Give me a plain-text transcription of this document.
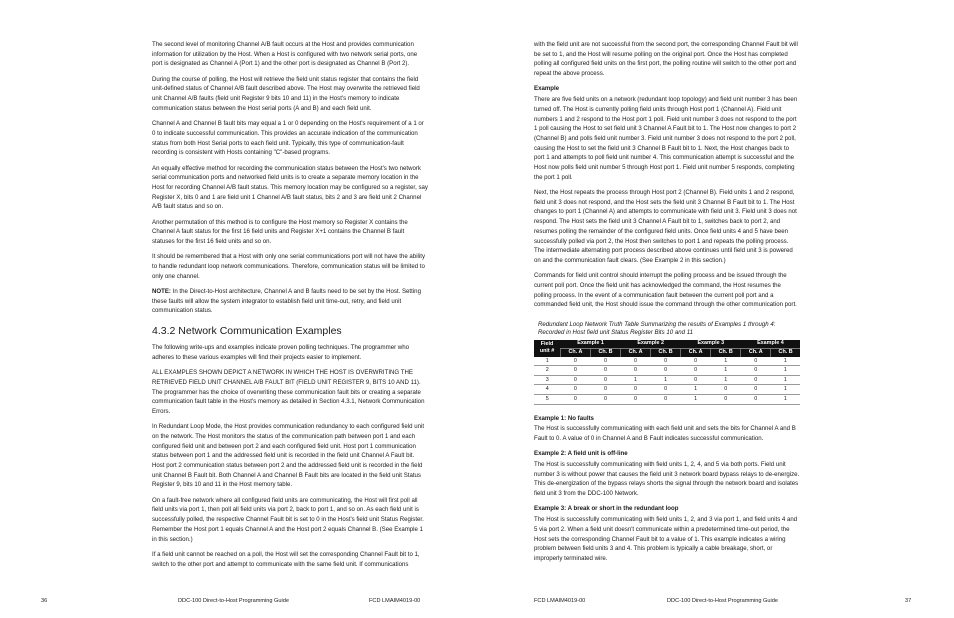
The second level of monitoring Channel A/B fault occurs at the Host and provides communication information for utilization by the Host. When a Host is configured with two network serial ports, one port is designated as Channel A (Port 1) and the other port is designated as Channel B (Port 2).

During the course of polling, the Host will retrieve the field unit status register that contains the field unit-defined status of Channel A/B fault described above. The Host may overwrite the retrieved field unit Channel A/B faults (field unit Register 9 bits 10 and 11) in the Host's memory to indicate communication status between the Host serial ports (A and B) and each field unit.

Channel A and Channel B fault bits may equal a 1 or 0 depending on the Host's requirement of a 1 or 0 to indicate successful communication. This provides an accurate indication of the communication status from both Host Serial ports to each field unit. Typically, this type of communication-fault recording is consistent with Hosts containing "C"-based programs.

An equally effective method for recording the communication status between the Host's two network serial communication ports and networked field units is to create a separate memory location in the Host for recording Channel A/B fault status. This memory location may be configured so a register, say Register X, bits 0 and 1 are field unit 1 Channel A/B fault status, bits 2 and 3 are field unit 2 Channel A/B fault status and so on.

Another permutation of this method is to configure the Host memory so Register X contains the Channel A fault status for the first 16 field units and Register X+1 contains the Channel B fault statuses for the first 16 field units and so on.

It should be remembered that a Host with only one serial communications port will not have the ability to handle redundant loop network communications. Therefore, communication status will be limited to only one channel.

NOTE: In the Direct-to-Host architecture, Channel A and B faults need to be set by the Host. Setting these faults will allow the system integrator to establish field unit time-out, retry, and field unit communication status.

4.3.2 Network Communication Examples

The following write-ups and examples indicate proven polling techniques. The programmer who adheres to these various examples will find their projects easier to implement.

ALL EXAMPLES SHOWN DEPICT A NETWORK IN WHICH THE HOST IS OVERWRITING THE RETRIEVED FIELD UNIT CHANNEL A/B FAULT BIT (FIELD UNIT REGISTER 9, BITS 10 AND 11). The programmer has the choice of overwriting these communication fault bits or creating a separate communication fault table in the Host's memory as detailed in Section 4.3.1, Network Communication Errors.

In Redundant Loop Mode, the Host provides communication redundancy to each configured field unit on the network. The Host monitors the status of the communication path between port 1 and each configured field unit and between port 2 and each configured field unit. Host port 1 communication status between port 1 and the addressed field unit is recorded in the field unit Channel A Fault bit. Host port 2 communication status between port 2 and the addressed field unit is recorded in the field unit Channel B Fault bit. Both Channel A and Channel B Fault bits are located in the field unit Status Register 9, bits 10 and 11 in the Host memory table.

On a fault-free network where all configured field units are communicating, the Host will first poll all field units via port 1, then poll all field units via port 2, back to port 1, and so on. As each field unit is successfully polled, the respective Channel Fault bit is set to 0 in the Host's field unit Status Register. Remember the Host port 1 equals Channel A and the Host port 2 equals Channel B. (See Example 1 in this section.)

If a field unit cannot be reached on a poll, the Host will set the corresponding Channel Fault bit to 1, switch to the other port and attempt to communicate with the same field unit. If communications

36	DDC-100 Direct-to-Host Programming Guide	FCD LMAIM4019-00

with the field unit are not successful from the second port, the corresponding Channel Fault bit will be set to 1, and the Host will resume polling on the original port. Once the Host has completed polling all configured field units on the first port, the polling routine will switch to the other port and repeat the above process.

Example

There are five field units on a network (redundant loop topology) and field unit number 3 has been turned off. The Host is currently polling field units through Host port 1 (Channel A). Field unit numbers 1 and 2 respond to the Host port 1 poll. Field unit number 3 does not respond to the port 1 poll causing the Host to set field unit 3 Channel A Fault bit to 1. The Host now changes to port 2 (Channel B) and polls field unit number 3. Field unit number 3 does not respond to the port 2 poll, causing the Host to set the field unit 3 Channel B Fault bit to 1. Next, the Host changes back to port 1 and attempts to poll field unit number 4. This communication attempt is successful and the Host now polls field unit number 5 through Host port 1. Field unit number 5 responds, completing the port 1 poll.

Next, the Host repeats the process through Host port 2 (Channel B). Field units 1 and 2 respond, field unit 3 does not respond, and the Host sets the field unit 3 Channel B Fault bit to 1. The Host changes to port 1 (Channel A) and attempts to communicate with field unit 3. Field unit 3 does not respond. The Host sets the field unit 3 Channel A Fault bit to 1, switches back to port 2, and resumes polling the remainder of the configured field units. Once field units 4 and 5 have been successfully polled via port 2, the Host then switches to port 1 and repeats the polling process. The intermediate alternating port process described above continues until field unit 3 is powered on and the communication fault clears. (See Example 2 in this section.)

Commands for field unit control should interrupt the polling process and be issued through the current poll port. Once the field unit has acknowledged the command, the Host resumes the polling process. In the event of a communication fault between the current poll port and a commanded field unit, the Host should issue the command through the other communication port.

Redundant Loop Network Truth Table Summarizing the results of Examples 1 through 4:
Recorded in Host field unit Status Register Bits 10 and 11
Field
unit #	Example 1		Example 2		Example 3		Example 4	
	Ch. A	Ch. B	Ch. A	Ch. B	Ch. A	Ch. B	Ch. A	Ch. B
1	0	0	0	0	0	1	0	1
2	0	0	0	0	0	1	0	1
3	0	0	1	1	0	1	0	1
4	0	0	0	0	1	0	0	1
5	0	0	0	0	1	0	0	1
Example 1: No faults

The Host is successfully communicating with each field unit and sets the bits for Channel A and B Fault to 0. A value of 0 in Channel A and B Fault indicates successful communication.

Example 2: A field unit is off-line

The Host is successfully communicating with field units 1, 2, 4, and 5 via both ports. Field unit number 3 is without power that causes the field unit 3 network board bypass relays to de-energize. This de-energization of the bypass relays shorts the signal through the network board and isolates field unit 3 from the DDC-100 Network.

Example 3: A break or short in the redundant loop

The Host is successfully communicating with field units 1, 2, and 3 via port 1, and field units 4 and 5 via port 2. When a field unit doesn't communicate within a predetermined time-out period, the Host sets the corresponding Channel Fault bit to a value of 1. This example indicates a wiring problem between field units 3 and 4. This problem is typically a cable breakage, short, or improperly terminated wire.

FCD LMAIM4019-00	DDC-100 Direct-to-Host Programming Guide	37
